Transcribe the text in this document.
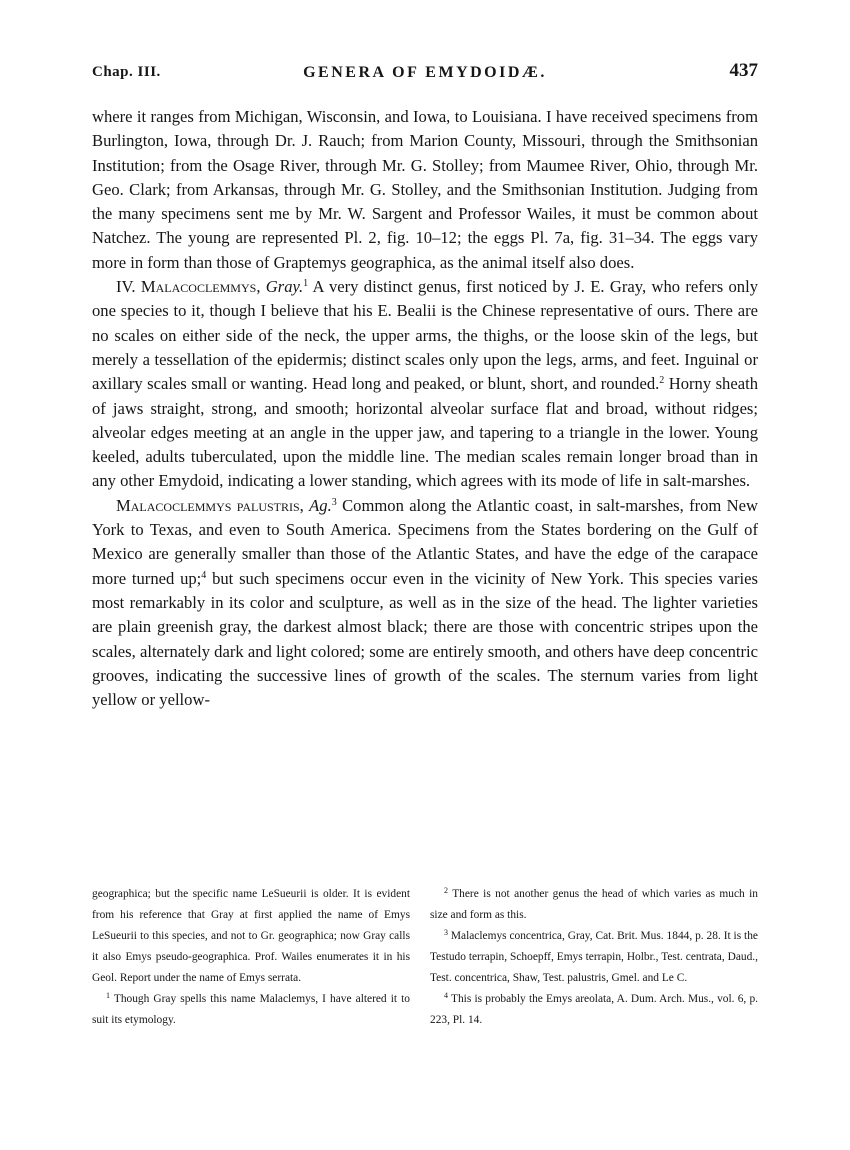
Chap. III.	GENERA OF EMYDOIDÆ.	437

where it ranges from Michigan, Wisconsin, and Iowa, to Louisiana. I have received specimens from Burlington, Iowa, through Dr. J. Rauch; from Marion County, Missouri, through the Smithsonian Institution; from the Osage River, through Mr. G. Stolley; from Maumee River, Ohio, through Mr. Geo. Clark; from Arkansas, through Mr. G. Stolley, and the Smithsonian Institution. Judging from the many specimens sent me by Mr. W. Sargent and Professor Wailes, it must be common about Natchez. The young are represented Pl. 2, fig. 10–12; the eggs Pl. 7a, fig. 31–34. The eggs vary more in form than those of Graptemys geographica, as the animal itself also does.

IV. Malacoclemmys, Gray.$^1$ A very distinct genus, first noticed by J. E. Gray, who refers only one species to it, though I believe that his E. Bealii is the Chinese representative of ours. There are no scales on either side of the neck, the upper arms, the thighs, or the loose skin of the legs, but merely a tessellation of the epidermis; distinct scales only upon the legs, arms, and feet. Inguinal or axillary scales small or wanting. Head long and peaked, or blunt, short, and rounded.$^2$ Horny sheath of jaws straight, strong, and smooth; horizontal alveolar surface flat and broad, without ridges; alveolar edges meeting at an angle in the upper jaw, and tapering to a triangle in the lower. Young keeled, adults tuberculated, upon the middle line. The median scales remain longer broad than in any other Emydoid, indicating a lower standing, which agrees with its mode of life in salt-marshes.

Malacoclemmys palustris, Ag.$^3$ Common along the Atlantic coast, in salt-marshes, from New York to Texas, and even to South America. Specimens from the States bordering on the Gulf of Mexico are generally smaller than those of the Atlantic States, and have the edge of the carapace more turned up;$^4$ but such specimens occur even in the vicinity of New York. This species varies most remarkably in its color and sculpture, as well as in the size of the head. The lighter varieties are plain greenish gray, the darkest almost black; there are those with concentric stripes upon the scales, alternately dark and light colored; some are entirely smooth, and others have deep concentric grooves, indicating the successive lines of growth of the scales. The sternum varies from light yellow or yellow-

geographica; but the specific name LeSueurii is older. It is evident from his reference that Gray at first applied the name of Emys LeSueurii to this species, and not to Gr. geographica; now Gray calls it also Emys pseudo-geographica. Prof. Wailes enumerates it in his Geol. Report under the name of Emys serrata.

$^1$ Though Gray spells this name Malaclemys, I have altered it to suit its etymology.

$^2$ There is not another genus the head of which varies as much in size and form as this.

$^3$ Malaclemys concentrica, Gray, Cat. Brit. Mus. 1844, p. 28. It is the Testudo terrapin, Schoepff, Emys terrapin, Holbr., Test. centrata, Daud., Test. concentrica, Shaw, Test. palustris, Gmel. and Le C.

$^4$ This is probably the Emys areolata, A. Dum. Arch. Mus., vol. 6, p. 223, Pl. 14.
